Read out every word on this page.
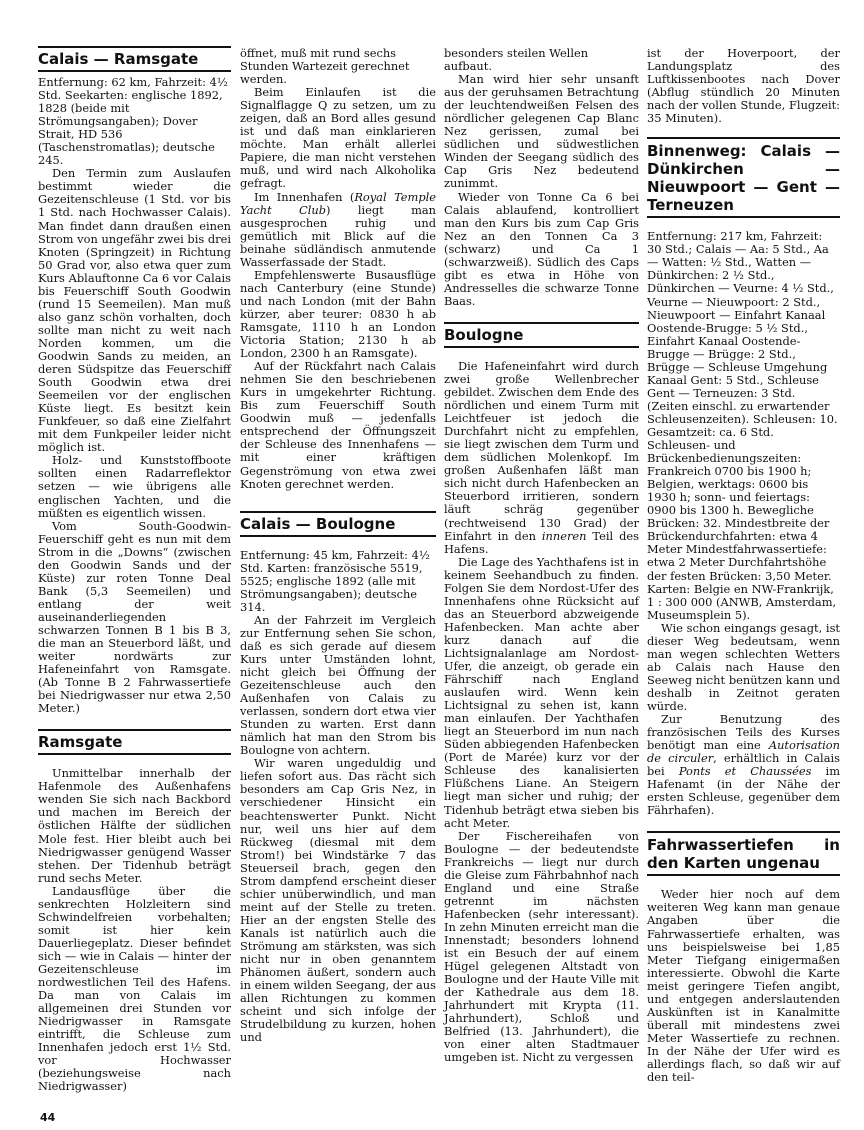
Calais — Ramsgate

Entfernung: 62 km, Fahrzeit: 4½ Std. Seekarten: englische 1892, 1828 (beide mit Strömungsangaben); Dover Strait, HD 536 (Taschenstromatlas); deutsche 245.

Den Termin zum Auslaufen bestimmt wieder die Gezeitenschleuse (1 Std. vor bis 1 Std. nach Hochwasser Calais). Man findet dann draußen einen Strom von ungefähr zwei bis drei Knoten (Springzeit) in Richtung 50 Grad vor, also etwa quer zum Kurs Ablauftonne Ca 6 vor Calais bis Feuerschiff South Goodwin (rund 15 Seemeilen). Man muß also ganz schön vorhalten, doch sollte man nicht zu weit nach Norden kommen, um die Goodwin Sands zu meiden, an deren Südspitze das Feuerschiff South Goodwin etwa drei Seemeilen vor der englischen Küste liegt. Es besitzt kein Funkfeuer, so daß eine Zielfahrt mit dem Funkpeiler leider nicht möglich ist.

Holz- und Kunststoffboote sollten einen Radarreflektor setzen — wie übrigens alle englischen Yachten, und die müßten es eigentlich wissen.

Vom South-Goodwin-Feuerschiff geht es nun mit dem Strom in die „Downs“ (zwischen den Goodwin Sands und der Küste) zur roten Tonne Deal Bank (5,3 Seemeilen) und entlang der weit auseinanderliegenden schwarzen Tonnen B 1 bis B 3, die man an Steuerbord läßt, und weiter nordwärts zur Hafeneinfahrt von Ramsgate. (Ab Tonne B 2 Fahrwassertiefe bei Niedrigwasser nur etwa 2,50 Meter.)

Ramsgate

Unmittelbar innerhalb der Hafenmole des Außenhafens wenden Sie sich nach Backbord und machen im Bereich der östlichen Hälfte der südlichen Mole fest. Hier bleibt auch bei Niedrigwasser genügend Wasser stehen. Der Tidenhub beträgt rund sechs Meter.

Landausflüge über die senkrechten Holzleitern sind Schwindelfreien vorbehalten; somit ist hier kein Dauerliegeplatz. Dieser befindet sich — wie in Calais — hinter der Gezeitenschleuse im nordwestlichen Teil des Hafens. Da man von Calais im allgemeinen drei Stunden vor Niedrigwasser in Ramsgate eintrifft, die Schleuse zum Innenhafen jedoch erst 1½ Std. vor Hochwasser (beziehungsweise nach Niedrigwasser)

öffnet, muß mit rund sechs Stunden Wartezeit gerechnet werden.

Beim Einlaufen ist die Signalflagge Q zu setzen, um zu zeigen, daß an Bord alles gesund ist und daß man einklarieren möchte. Man erhält allerlei Papiere, die man nicht verstehen muß, und wird nach Alkoholika gefragt.

Im Innenhafen (Royal Temple Yacht Club) liegt man ausgesprochen ruhig und gemütlich mit Blick auf die beinahe südländisch anmutende Wasserfassade der Stadt.

Empfehlenswerte Busausflüge nach Canterbury (eine Stunde) und nach London (mit der Bahn kürzer, aber teurer: 0830 h ab Ramsgate, 1110 h an London Victoria Station; 2130 h ab London, 2300 h an Ramsgate).

Auf der Rückfahrt nach Calais nehmen Sie den beschriebenen Kurs in umgekehrter Richtung. Bis zum Feuerschiff South Goodwin muß — jedenfalls entsprechend der Öffnungszeit der Schleuse des Innenhafens — mit einer kräftigen Gegenströmung von etwa zwei Knoten gerechnet werden.

Calais — Boulogne

Entfernung: 45 km, Fahrzeit: 4½ Std. Karten: französische 5519, 5525; englische 1892 (alle mit Strömungsangaben); deutsche 314.

An der Fahrzeit im Vergleich zur Entfernung sehen Sie schon, daß es sich gerade auf diesem Kurs unter Umständen lohnt, nicht gleich bei Öffnung der Gezeitenschleuse auch den Außenhafen von Calais zu verlassen, sondern dort etwa vier Stunden zu warten. Erst dann nämlich hat man den Strom bis Boulogne von achtern.

Wir waren ungeduldig und liefen sofort aus. Das rächt sich besonders am Cap Gris Nez, in verschiedener Hinsicht ein beachtenswerter Punkt. Nicht nur, weil uns hier auf dem Rückweg (diesmal mit dem Strom!) bei Windstärke 7 das Steuerseil brach, gegen den Strom dampfend erscheint dieser schier unüberwindlich, und man meint auf der Stelle zu treten. Hier an der engsten Stelle des Kanals ist natürlich auch die Strömung am stärksten, was sich nicht nur in oben genanntem Phänomen äußert, sondern auch in einem wilden Seegang, der aus allen Richtungen zu kommen scheint und sich infolge der Strudelbildung zu kurzen, hohen und

besonders steilen Wellen aufbaut.

Man wird hier sehr unsanft aus der geruhsamen Betrachtung der leuchtendweißen Felsen des nördlicher gelegenen Cap Blanc Nez gerissen, zumal bei südlichen und südwestlichen Winden der Seegang südlich des Cap Gris Nez bedeutend zunimmt.

Wieder von Tonne Ca 6 bei Calais ablaufend, kontrolliert man den Kurs bis zum Cap Gris Nez an den Tonnen Ca 3 (schwarz) und Ca 1 (schwarzweiß). Südlich des Caps gibt es etwa in Höhe von Andresselles die schwarze Tonne Baas.

Boulogne

Die Hafeneinfahrt wird durch zwei große Wellenbrecher gebildet. Zwischen dem Ende des nördlichen und einem Turm mit Leichtfeuer ist jedoch die Durchfahrt nicht zu empfehlen, sie liegt zwischen dem Turm und dem südlichen Molenkopf. Im großen Außenhafen läßt man sich nicht durch Hafenbecken an Steuerbord irritieren, sondern läuft schräg gegenüber (rechtweisend 130 Grad) der Einfahrt in den inneren Teil des Hafens.

Die Lage des Yachthafens ist in keinem Seehandbuch zu finden. Folgen Sie dem Nordost-Ufer des Innenhafens ohne Rücksicht auf das an Steuerbord abzweigende Hafenbecken. Man achte aber kurz danach auf die Lichtsignalanlage am Nordost-Ufer, die anzeigt, ob gerade ein Fährschiff nach England auslaufen wird. Wenn kein Lichtsignal zu sehen ist, kann man einlaufen. Der Yachthafen liegt an Steuerbord im nun nach Süden abbiegenden Hafenbecken (Port de Marée) kurz vor der Schleuse des kanalisierten Flüßchens Liane. An Steigern liegt man sicher und ruhig; der Tidenhub beträgt etwa sieben bis acht Meter.

Der Fischereihafen von Boulogne — der bedeutendste Frankreichs — liegt nur durch die Gleise zum Fährbahnhof nach England und eine Straße getrennt im nächsten Hafenbecken (sehr interessant). In zehn Minuten erreicht man die Innenstadt; besonders lohnend ist ein Besuch der auf einem Hügel gelegenen Altstadt von Boulogne und der Haute Ville mit der Kathedrale aus dem 18. Jahrhundert mit Krypta (11. Jahrhundert), Schloß und Belfried (13. Jahrhundert), die von einer alten Stadtmauer umgeben ist. Nicht zu vergessen

ist der Hoverpoort, der Landungsplatz des Luftkissenbootes nach Dover (Abflug stündlich 20 Minuten nach der vollen Stunde, Flugzeit: 35 Minuten).

Binnenweg: Calais — Dünkirchen — Nieuwpoort — Gent — Terneuzen

Entfernung: 217 km, Fahrzeit: 30 Std.; Calais — Aa: 5 Std., Aa — Watten: ½ Std., Watten — Dünkirchen: 2 ½ Std., Dünkirchen — Veurne: 4 ½ Std., Veurne — Nieuwpoort: 2 Std., Nieuwpoort — Einfahrt Kanaal Oostende-Brugge: 5 ½ Std., Einfahrt Kanaal Oostende-Brugge — Brügge: 2 Std., Brügge — Schleuse Umgehung Kanaal Gent: 5 Std., Schleuse Gent — Terneuzen: 3 Std. (Zeiten einschl. zu erwartender Schleusenzeiten). Schleusen: 10. Gesamtzeit: ca. 6 Std. Schleusen- und Brückenbedienungszeiten: Frankreich 0700 bis 1900 h; Belgien, werktags: 0600 bis 1930 h; sonn- und feiertags: 0900 bis 1300 h. Bewegliche Brücken: 32. Mindestbreite der Brückendurchfahrten: etwa 4 Meter Mindestfahrwassertiefe: etwa 2 Meter Durchfahrtshöhe der festen Brücken: 3,50 Meter. Karten: Belgie en NW-Frankrijk, 1 : 300 000 (ANWB, Amsterdam, Museumsplein 5).

Wie schon eingangs gesagt, ist dieser Weg bedeutsam, wenn man wegen schlechten Wetters ab Calais nach Hause den Seeweg nicht benützen kann und deshalb in Zeitnot geraten würde.

Zur Benutzung des französischen Teils des Kurses benötigt man eine Autorisation de circuler, erhältlich in Calais bei Ponts et Chaussées im Hafenamt (in der Nähe der ersten Schleuse, gegenüber dem Fährhafen).

Fahrwassertiefen in den Karten ungenau

Weder hier noch auf dem weiteren Weg kann man genaue Angaben über die Fahrwassertiefe erhalten, was uns beispielsweise bei 1,85 Meter Tiefgang einigermaßen interessierte. Obwohl die Karte meist geringere Tiefen angibt, und entgegen anderslautenden Auskünften ist in Kanalmitte überall mit mindestens zwei Meter Wassertiefe zu rechnen. In der Nähe der Ufer wird es allerdings flach, so daß wir auf den teil-

44
